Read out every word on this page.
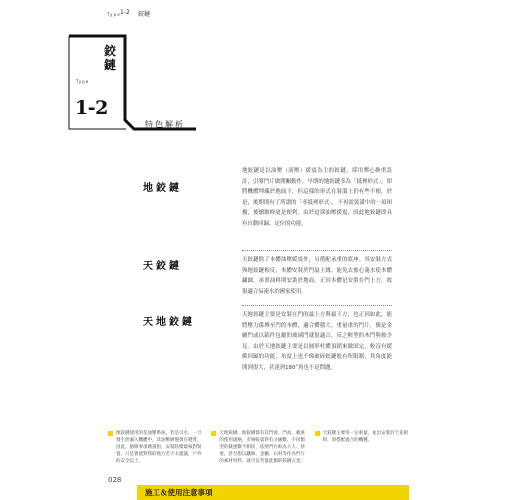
Type 1-2 鉸鏈
鉸鏈
Type
1-2
特色解析
地鉸鏈
地鉸鏈是以油壓（液壓）緩震為主的鉸鏈，採用彈心換重設計，引導門片做開關動作。早期的地鉸鏈多為「抵裡形式」，即將機體埋藏於地面下，但這樣的形式在裝潢上仍有些不便，於是，後期則有了所謂的「非抵裡形式」，不再需裝潢中的一項困擾，後續維修更是便利。由於是採油壓緩震，因此地鉸鏈即具有自動回歸、定位的功能。
天鉸鏈
天鉸鏈除了本體油壓緩震外，另搭配承重的底座。其安裝方式與地鉸鏈相反，本體安裝於門扇上緣，能免去擔心淹水使本體鏽蝕，承重油料則安裝於地面。正因本體是安裝在門上方，故很適合易淹水的國家使用。
天地鉸鏈
天地鉸鏈主要是安裝在門的最上方與最下方，也正因如此，能將壓力係傳至門的本體，適合體積大、重量重的門片，像是金屬門或以鋁件包覆的玻璃門就很適合，反之輕型的木門與較少見。由於天地鉸鏈主要是以圓形柱體頂銷來做固定，較沒有緩衝回歸的功能，角度上也不像破碎鉸鏈般有所限制，其角度能開到很大，甚達到180˚角也不是問題。
地鉸鏈使用的是油壓系統，若是引水，一旦發生泄漏入機體中，其油壓緩慢會有變質，因此，搶修事項總說指，安裝陸續最核對裝置，只是會使對我的地方若不太建議，戶外的安全以上。
天地鉸鏈、地鉸鏈都有其門寬、門高、載重的使用規格，市場較靠得有分級數，不同類型的載重數不相同，依照門片較為大人、厚重，甚至想以鐵絲、金屬、石材等作為門片的素材材料，就可以考量此類的鉸鏈五金。
天鉸鏈主要用一定重量，並出安裝於天花板時，須搭配適合的機種。
028
施工＆使用注意事項
